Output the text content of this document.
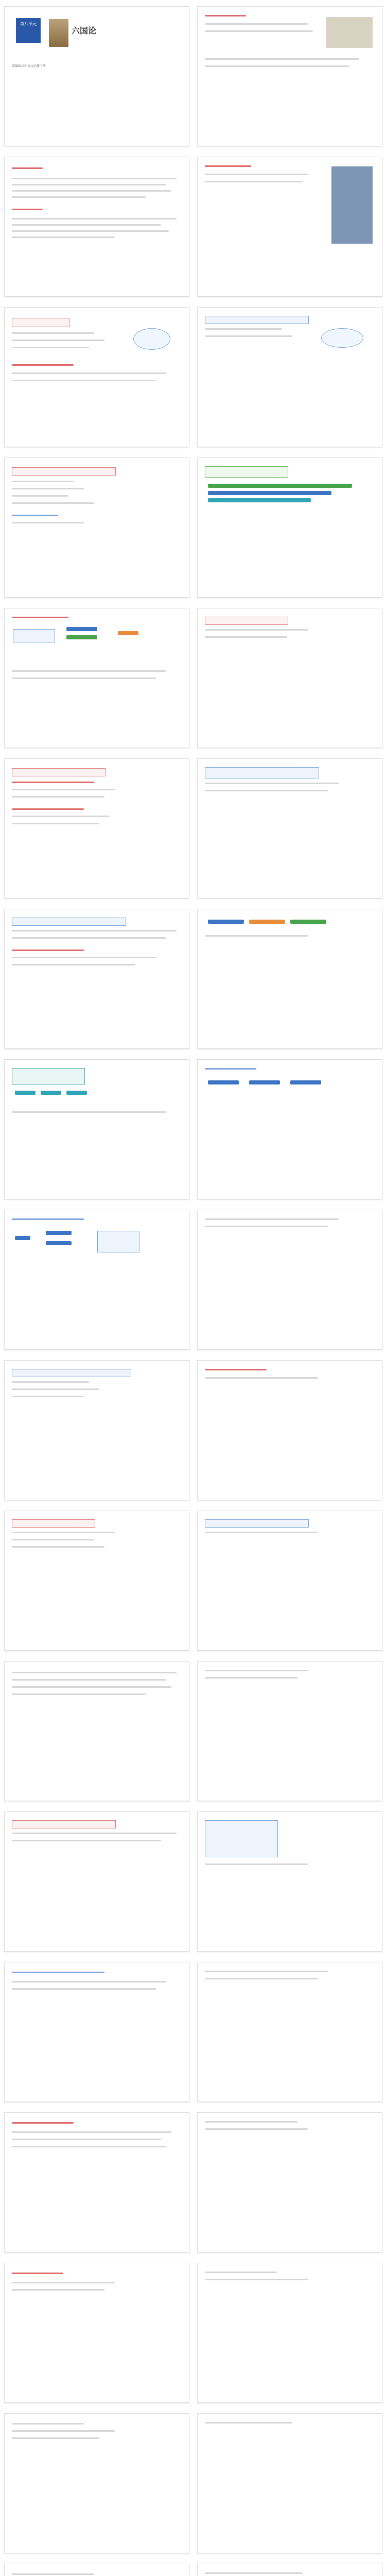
第八单元
六国论
部编版高中语文必修下册
